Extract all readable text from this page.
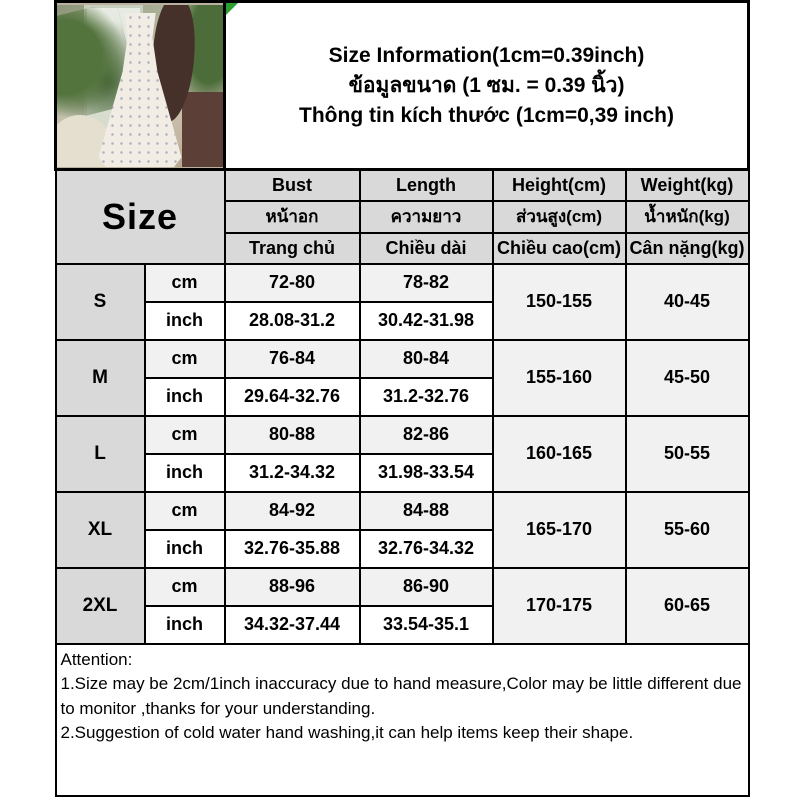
		Size Information(1cm=0.39inch)
ข้อมูลขนาด (1 ซม. = 0.39 นิ้ว)
Thông tin kích thước (1cm=0,39 inch)			

Size		Bust	Length	Height(cm)	Weight(kg)
		หน้าอก	ความยาว	ส่วนสูง(cm)	น้ำหนัก(kg)
		Trang chủ	Chiều dài	Chiều cao(cm)	Cân nặng(kg)
S	cm	72-80	78-82	150-155	40-45
	inch	28.08-31.2	30.42-31.98		
M	cm	76-84	80-84	155-160	45-50
	inch	29.64-32.76	31.2-32.76		
L	cm	80-88	82-86	160-165	50-55
	inch	31.2-34.32	31.98-33.54		
XL	cm	84-92	84-88	165-170	55-60
	inch	32.76-35.88	32.76-34.32		
2XL	cm	88-96	86-90	170-175	60-65
	inch	34.32-37.44	33.54-35.1		

Attention:
1.Size may be 2cm/1inch inaccuracy due to hand measure,Color may be little different due to monitor ,thanks for your understanding.
2.Suggestion of cold water hand washing,it can help items keep their shape.					
